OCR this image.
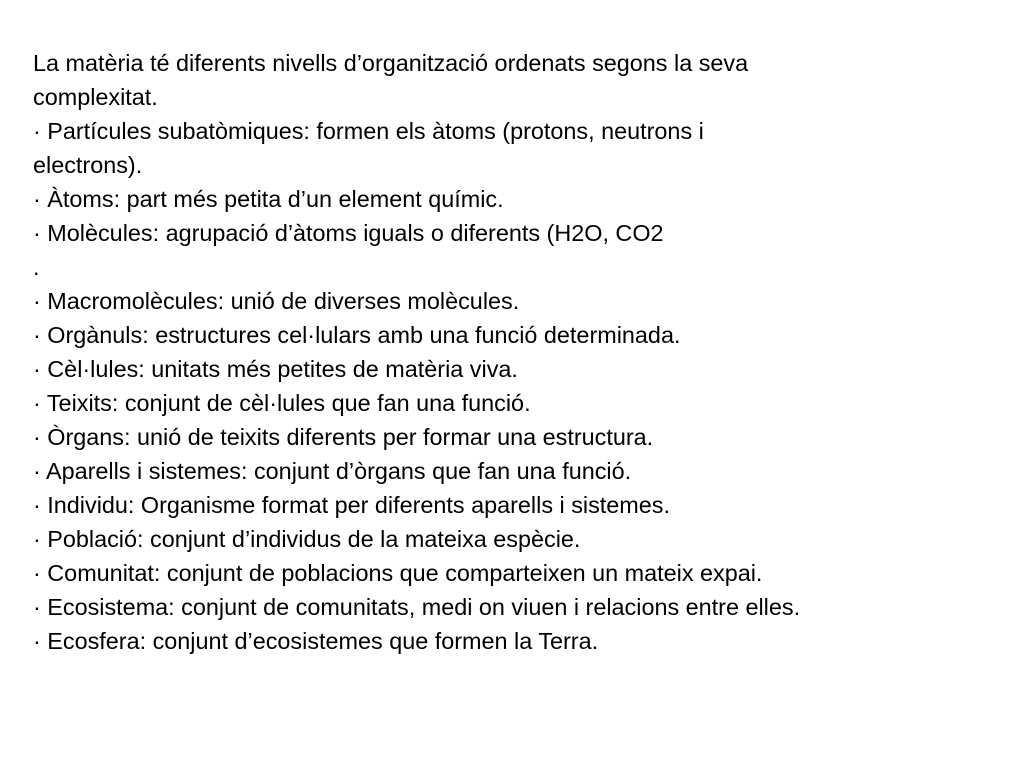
La matèria té diferents nivells d’organització ordenats segons la seva

complexitat.

· Partícules subatòmiques: formen els àtoms (protons, neutrons i

electrons).

· Àtoms: part més petita d’un element químic.

· Molècules: agrupació d’àtoms iguals o diferents (H2O, CO2

.

· Macromolècules: unió de diverses molècules.

· Orgànuls: estructures cel·lulars amb una funció determinada.

· Cèl·lules: unitats més petites de matèria viva.

· Teixits: conjunt de cèl·lules que fan una funció.

· Òrgans: unió de teixits diferents per formar una estructura.

· Aparells i sistemes: conjunt d’òrgans que fan una funció.

· Individu: Organisme format per diferents aparells i sistemes.

· Població: conjunt d’individus de la mateixa espècie.

· Comunitat: conjunt de poblacions que comparteixen un mateix expai.

· Ecosistema: conjunt de comunitats, medi on viuen i relacions entre elles.

· Ecosfera: conjunt d’ecosistemes que formen la Terra.
